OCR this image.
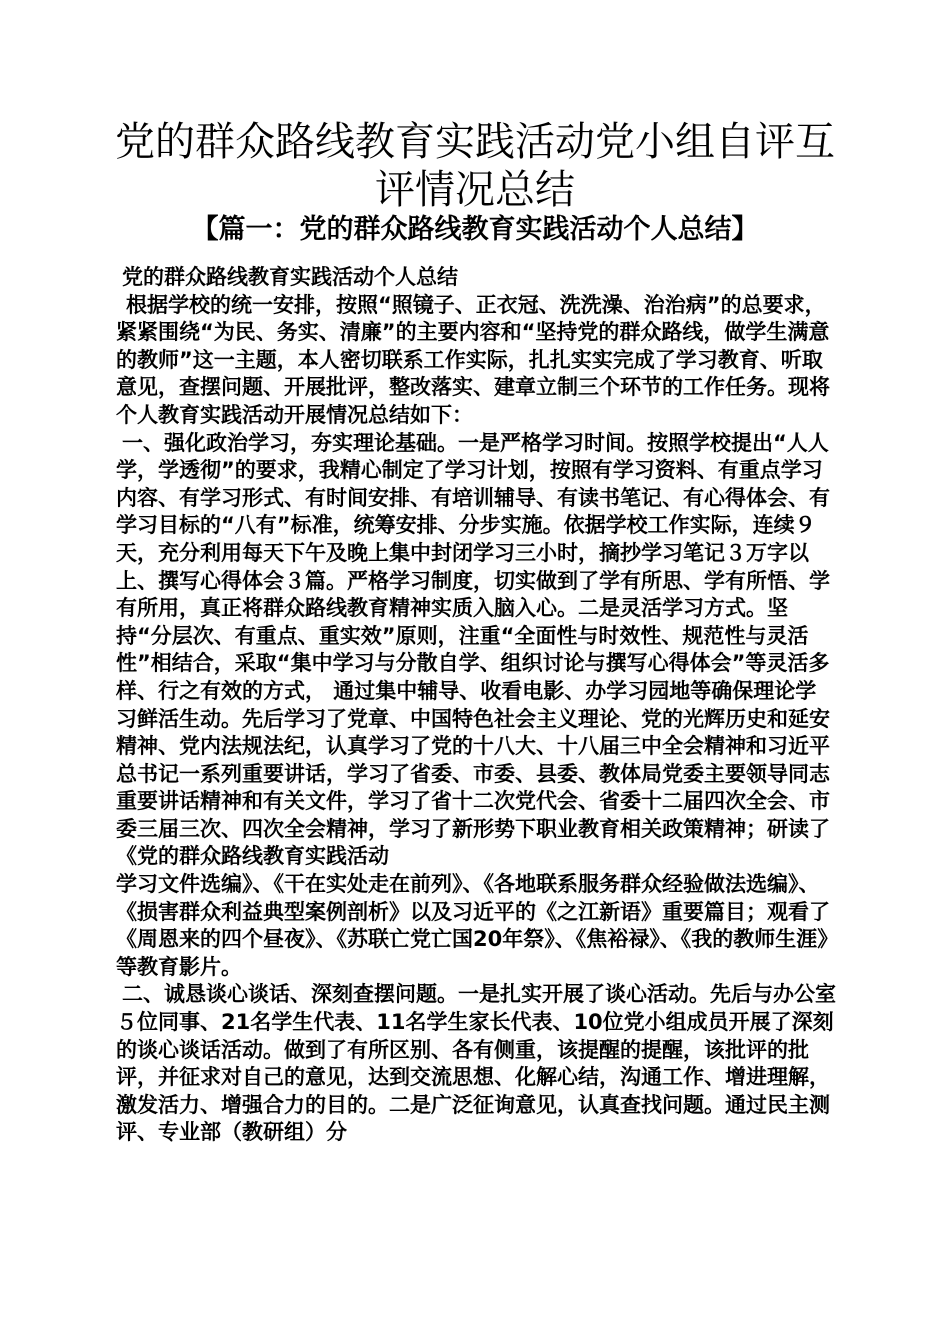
党的群众路线教育实践活动党小组自评互评情况总结
【篇一：党的群众路线教育实践活动个人总结】

党的群众路线教育实践活动个人总结

根据学校的统一安排，按照“照镜子、正衣冠、洗洗澡、治治病”的总要求，紧紧围绕“为民、务实、清廉”的主要内容和“坚持党的群众路线，做学生满意的教师”这一主题，本人密切联系工作实际，扎扎实实完成了学习教育、听取意见，查摆问题、开展批评，整改落实、建章立制三个环节的工作任务。现将个人教育实践活动开展情况总结如下：

一、强化政治学习，夯实理论基础。一是严格学习时间。按照学校提出“人人学，学透彻”的要求，我精心制定了学习计划，按照有学习资料、有重点学习内容、有学习形式、有时间安排、有培训辅导、有读书笔记、有心得体会、有学习目标的“八有”标准，统筹安排、分步实施。依据学校工作实际，连续９天，充分利用每天下午及晚上集中封闭学习三小时，摘抄学习笔记３万字以上、撰写心得体会３篇。严格学习制度，切实做到了学有所思、学有所悟、学有所用，真正将群众路线教育精神实质入脑入心。二是灵活学习方式。坚持“分层次、有重点、重实效”原则，注重“全面性与时效性、规范性与灵活性”相结合，采取“集中学习与分散自学、组织讨论与撰写心得体会”等灵活多样、行之有效的方式， 通过集中辅导、收看电影、办学习园地等确保理论学习鲜活生动。先后学习了党章、中国特色社会主义理论、党的光辉历史和延安精神、党内法规法纪，认真学习了党的十八大、十八届三中全会精神和习近平总书记一系列重要讲话，学习了省委、市委、县委、教体局党委主要领导同志重要讲话精神和有关文件，学习了省十二次党代会、省委十二届四次全会、市委三届三次、四次全会精神，学习了新形势下职业教育相关政策精神；研读了《党的群众路线教育实践活动

学习文件选编》、《干在实处走在前列》、《各地联系服务群众经验做法选编》、《损害群众利益典型案例剖析》以及习近平的《之江新语》重要篇目；观看了《周恩来的四个昼夜》、《苏联亡党亡国20年祭》、《焦裕禄》、《我的教师生涯》等教育影片。

二、诚恳谈心谈话、深刻查摆问题。一是扎实开展了谈心活动。先后与办公室５位同事、21名学生代表、11名学生家长代表、10位党小组成员开展了深刻的谈心谈话活动。做到了有所区别、各有侧重，该提醒的提醒，该批评的批评，并征求对自己的意见，达到交流思想、化解心结，沟通工作、增进理解，激发活力、增强合力的目的。二是广泛征询意见，认真查找问题。通过民主测评、专业部（教研组）分
